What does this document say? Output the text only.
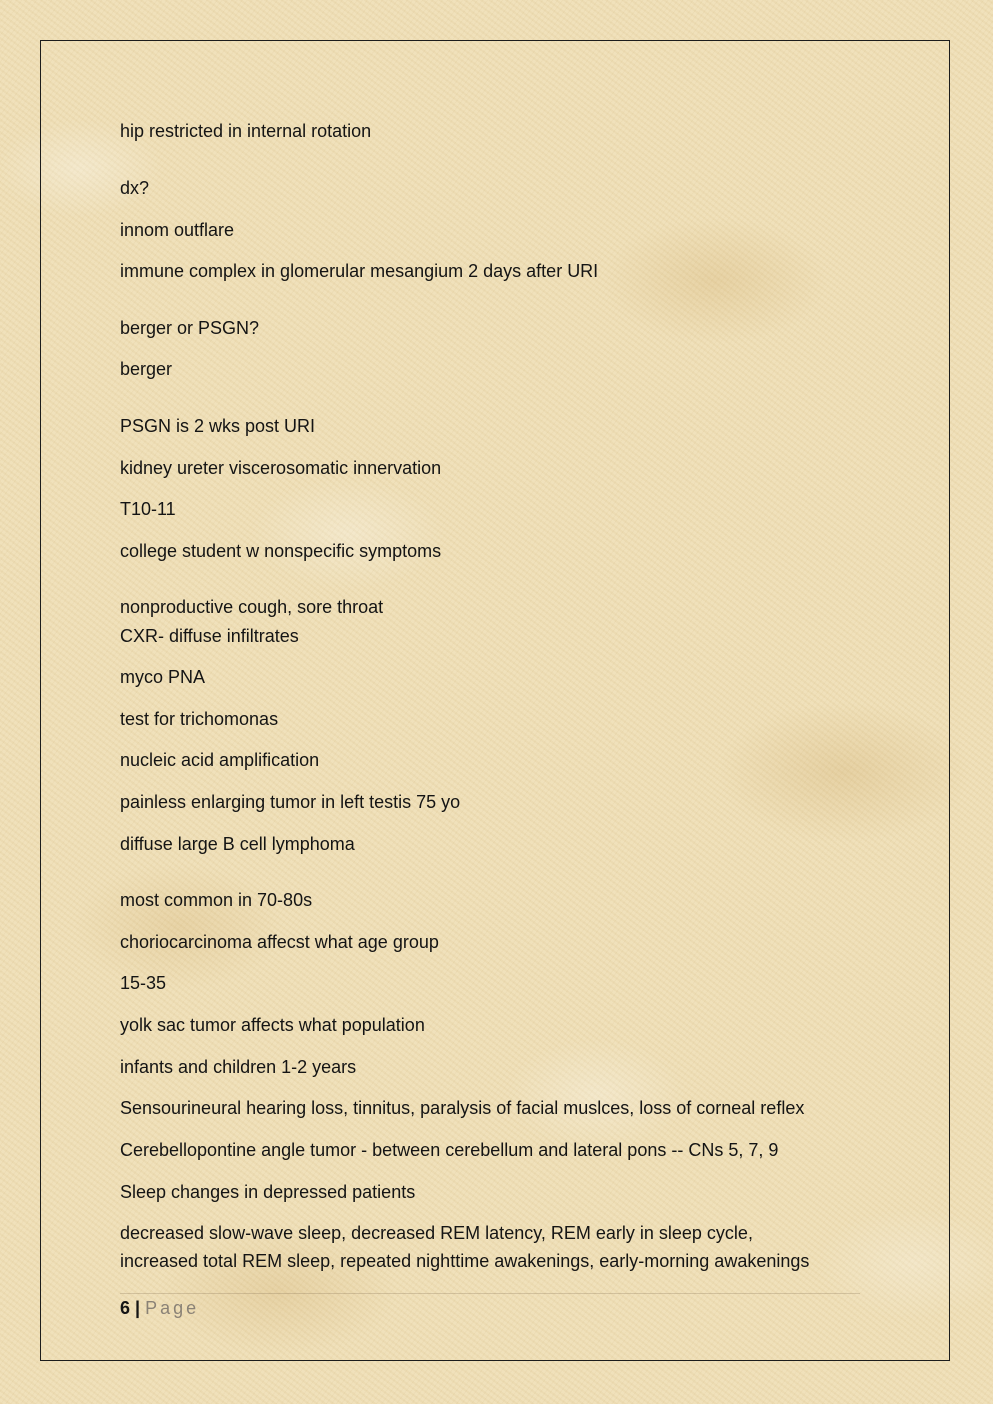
hip restricted in internal rotation
dx?
innom outflare
immune complex in glomerular mesangium 2 days after URI
berger or PSGN?
berger
PSGN is 2 wks post URI
kidney ureter viscerosomatic innervation
T10-11
college student w nonspecific symptoms
nonproductive cough, sore throat
CXR- diffuse infiltrates
myco PNA
test for trichomonas
nucleic acid amplification
painless enlarging tumor in left testis 75 yo
diffuse large B cell lymphoma
most common in 70-80s
choriocarcinoma affecst what age group
15-35
yolk sac tumor affects what population
infants and children 1-2 years
Sensourineural hearing loss, tinnitus, paralysis of facial muslces, loss of corneal reflex
Cerebellopontine angle tumor - between cerebellum and lateral pons -- CNs 5, 7, 9
Sleep changes in depressed patients
decreased slow-wave sleep, decreased REM latency, REM early in sleep cycle,
increased total REM sleep, repeated nighttime awakenings, early-morning awakenings
6 | Page
